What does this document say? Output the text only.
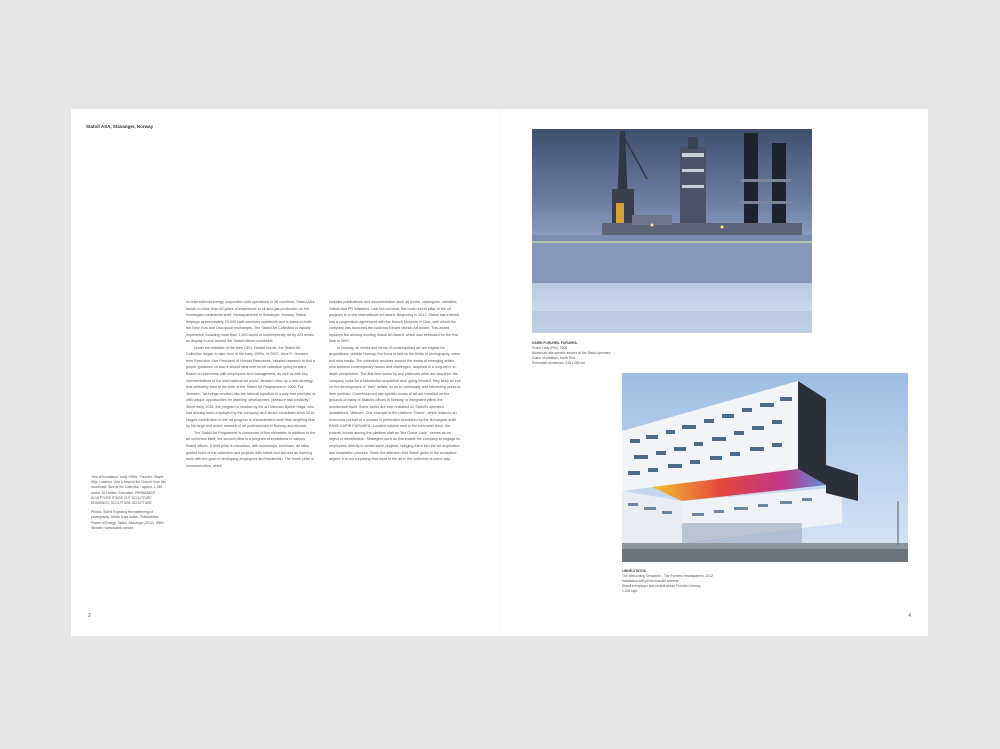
Statoil ASA, Stavanger, Norway

Year of foundation: 'early 1990s'. Founder / Buyer: Wijs. Location: 'Arts & beyond the Church' from this coordinate. Size of the Collection / approx. 1,350 works; 324 artists. Education: PERMANENT SCULPTURE STAGE OUT SCULPTURE DRAWINGS, SCULPTURE SCULPTURE.

Photos: Statoil Exploring the weathering of photography 'Artists tours works'. Publications: Places of Energy, Statoil, Stavanger (2012). ISBN. Website: www.statoil.com/art

An international energy corporation with operations in 36 countries, Statoil ASA builds on more than 40 years of experience in oil and gas production on the Norwegian continental shelf. Headquartered in Stavanger, Norway, Statoil employs approximately 23,000 staff members worldwide and is listed on both the New York and Oslo stock exchanges. The Statoil Art Collection is equally impressive, boasting more than 1,300 works of contemporary art by 325 artists on display in and around the Statoil offices worldwide.

Under the initiative of the then CEO, Harald Norvik, the Statoil Art Collection began to take form in the early 1990s. In 2007, Jens R. Jenssen, then Executive Vice President of Human Resources, initiated research to find a proper guidance on how it should deal with its art collection going forward. Based on interviews with employees and management, as well as with key representatives of the international art world, Jenssen drew up a new strategy that ultimately lead to the birth of the Statoil Art Programme in 2008. For Jenssen, "art brings emotion into the rational equation in a way that provides us with unique opportunities for learning, development, pleasure and creativity." Since early 2015, the program is headed by the art historian Bjorne Haga, who had already been employed by the company as a senior consultant since 2010. Haga's contribution to the art program is characterized more than anything else by his large and active network of art professionals in Norway and abroad.

The Statoil Art Programme is comprised of five elements: In addition to the art collection itself, the second pillar is a program of exhibitions in various Statoil offices. A third pillar is education, with workshops, seminars, art talks, guided tours of the collection and projects with artists and schools as learning tools with the goal of developing employees and leadership. The fourth pillar is communication, which

includes publications and documentation such as books, catalogues, websites, videos and PR initiatives. Last but not least, the most recent pillar of the art program is a new international art award: Beginning in 2013, Statoil has entered into a cooperation agreement with the Munch Museum in Oslo, with whom the company has launched the National Edvard Munch Art Award. This award replaces the already existing Statoil Art Award, which was bestowed for the first time in 2007.

In Norway, all media and forms of contemporary art are eligible for acquisitions; outside Norway, the focus is laid on the fields of photography, video and new media. The collection revolves around the works of emerging artists who address contemporary issues and challenges, acquired in a long-term, in-depth perspective. The first time works by any particular artist are acquired, the company looks for a substantial acquisition and, going forward, they keep an eye on the development of "their" artists, so as to continually add interesting works to their portfolio. Commissioned site-specific works of art are installed on the grounds of many of Statoil's offices in Norway, or integrated within the architecture itself. Some works are even installed on Statoil's operated installations, offshore. One example is the platform "Grane", which features an enormous portrait of a woman in perforated aluminium by the Norwegian artist KANE KARIN FURUHEIL. Located outside next to the helicopter deck, the portrait, known among the platform staff as "the Grane Lady", serves as an object of identification. Strategies such as this enable the company to engage its employees directly in construction projects, bringing them into the art acquisition and installation process. Given the attention that Statoil gives to the workplace aspect, it is not surprising that most of the art in the collection is some way

KARIN FURUHEIL FURUHEIL
Grane Lady (Fire), 2006
Aluminium site-specific artwork at the Statoil operated
Grane oil platform, North Sea
Perforated aluminium, 248 x 280 cm
LINNÉ-STATOIL
The Welcoming Sensation – The Fornebu Headquarters, 2012
Installation with printed backlit screens
Statoil's employer and central atrium Fornebu Norway
1,200 sqm
2	4
